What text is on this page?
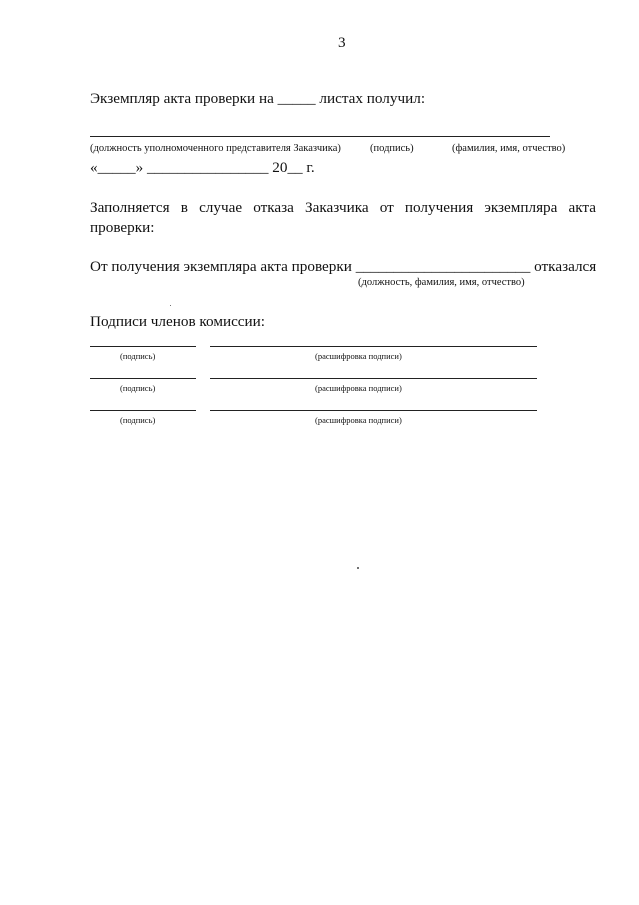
3
Экземпляр акта проверки на _____ листах получил:
(должность уполномоченного представителя Заказчика)	(подпись)	(фамилия, имя, отчество)
«_____» ________________ 20__ г.
Заполняется в случае отказа Заказчика от получения экземпляра акта
проверки:
От получения экземпляра акта проверки _______________________ отказался
(должность, фамилия, имя, отчество)
Подписи членов комиссии:
(подпись)	(расшифровка подписи)
(подпись)	(расшифровка подписи)
(подпись)	(расшифровка подписи)
